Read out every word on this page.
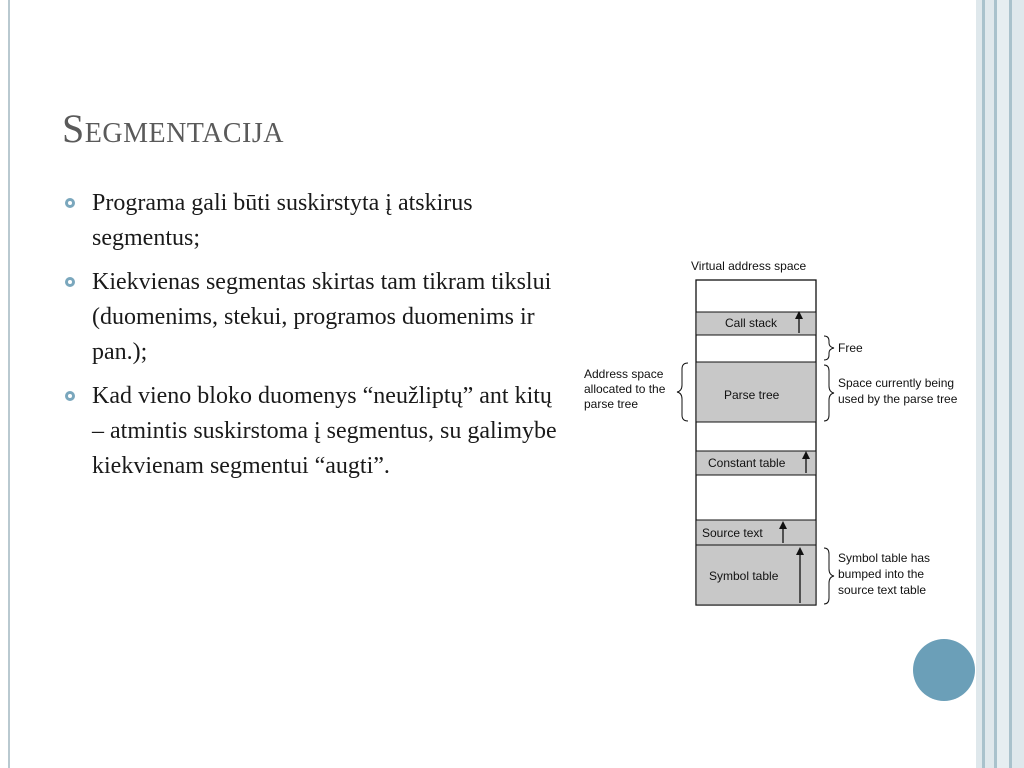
Segmentacija
Programa gali būti suskirstyta į atskirus segmentus;
Kiekvienas segmentas skirtas tam tikram tikslui (duomenims, stekui, programos duomenims ir pan.);
Kad vieno bloko duomenys “neužliptų” ant kitų – atmintis suskirstoma į segmentus, su galimybe kiekvienam segmentui “augti”.
Virtual address space
Call stack
Parse tree
Constant table
Source text
Symbol table
Address space
allocated to the
parse tree
Free
Space currently being
used by the parse tree
Symbol table has
bumped into the
source text table
